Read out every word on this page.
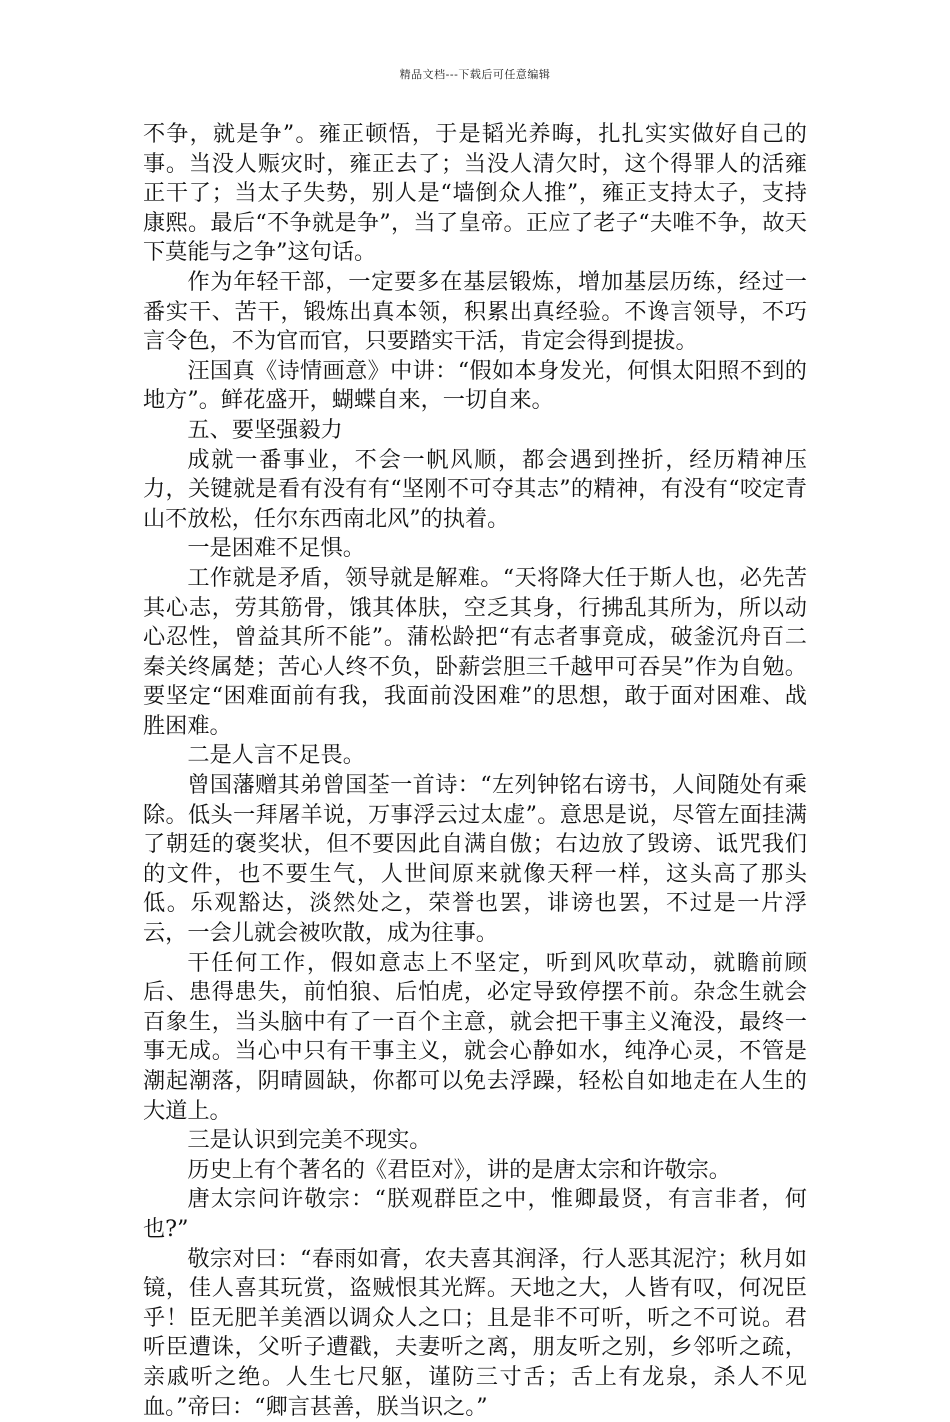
精品文档---下载后可任意编辑

不争，就是争”。雍正顿悟，于是韬光养晦，扎扎实实做好自己的事。当没人赈灾时，雍正去了；当没人清欠时，这个得罪人的活雍正干了；当太子失势，别人是“墙倒众人推”，雍正支持太子，支持康熙。最后“不争就是争”，当了皇帝。正应了老子“夫唯不争，故天下莫能与之争”这句话。

作为年轻干部，一定要多在基层锻炼，增加基层历练，经过一番实干、苦干，锻炼出真本领，积累出真经验。不谗言领导，不巧言令色，不为官而官，只要踏实干活，肯定会得到提拔。

汪国真《诗情画意》中讲：“假如本身发光，何惧太阳照不到的地方”。鲜花盛开，蝴蝶自来，一切自来。

五、要坚强毅力

成就一番事业，不会一帆风顺，都会遇到挫折，经历精神压力，关键就是看有没有有“坚刚不可夺其志”的精神，有没有“咬定青山不放松，任尔东西南北风”的执着。

一是困难不足惧。

工作就是矛盾，领导就是解难。“天将降大任于斯人也，必先苦其心志，劳其筋骨，饿其体肤，空乏其身，行拂乱其所为，所以动心忍性，曾益其所不能”。蒲松龄把“有志者事竟成，破釜沉舟百二秦关终属楚；苦心人终不负，卧薪尝胆三千越甲可吞吴”作为自勉。要坚定“困难面前有我，我面前没困难”的思想，敢于面对困难、战胜困难。

二是人言不足畏。

曾国藩赠其弟曾国荃一首诗：“左列钟铭右谤书，人间随处有乘除。低头一拜屠羊说，万事浮云过太虚”。意思是说，尽管左面挂满了朝廷的褒奖状，但不要因此自满自傲；右边放了毁谤、诋咒我们的文件，也不要生气，人世间原来就像天秤一样，这头高了那头低。乐观豁达，淡然处之，荣誉也罢，诽谤也罢，不过是一片浮云，一会儿就会被吹散，成为往事。

干任何工作，假如意志上不坚定，听到风吹草动，就瞻前顾后、患得患失，前怕狼、后怕虎，必定导致停摆不前。杂念生就会百象生，当头脑中有了一百个主意，就会把干事主义淹没，最终一事无成。当心中只有干事主义，就会心静如水，纯净心灵，不管是潮起潮落，阴晴圆缺，你都可以免去浮躁，轻松自如地走在人生的大道上。

三是认识到完美不现实。

历史上有个著名的《君臣对》，讲的是唐太宗和许敬宗。

唐太宗问许敬宗：“朕观群臣之中，惟卿最贤，有言非者，何也?”

敬宗对曰：“春雨如膏，农夫喜其润泽，行人恶其泥泞；秋月如镜，佳人喜其玩赏，盗贼恨其光辉。天地之大，人皆有叹，何况臣乎！臣无肥羊美酒以调众人之口；且是非不可听，听之不可说。君听臣遭诛，父听子遭戳，夫妻听之离，朋友听之别，乡邻听之疏，亲戚听之绝。人生七尺躯，谨防三寸舌；舌上有龙泉，杀人不见血。”帝曰：“卿言甚善，朕当识之。”
